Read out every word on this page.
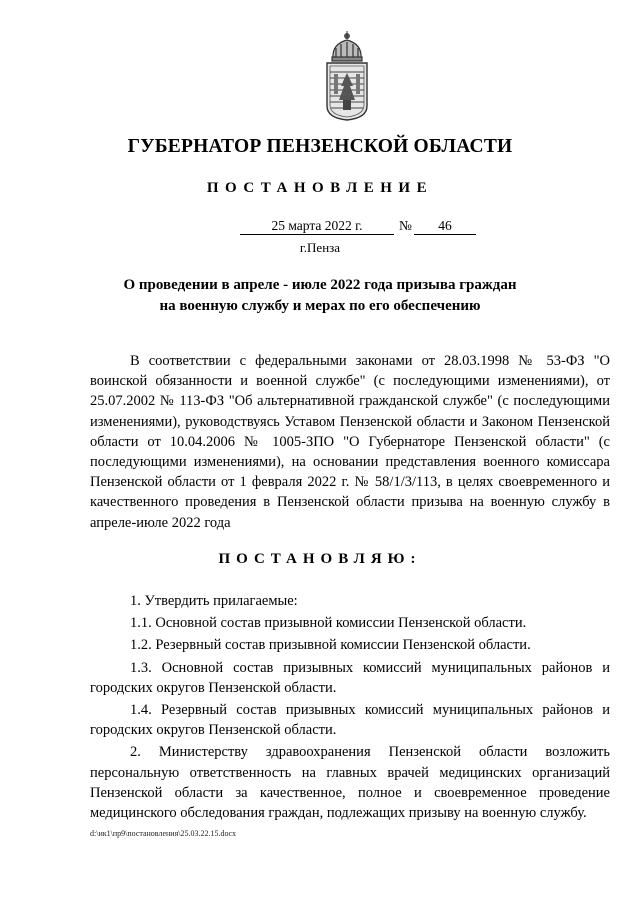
ГУБЕРНАТОР ПЕНЗЕНСКОЙ ОБЛАСТИ
ПОСТАНОВЛЕНИЕ
25 марта 2022 г.	№	46
г.Пенза
О проведении в апреле - июле 2022 года призыва граждан
на военную службу и мерах по его обеспечению

В соответствии с федеральными законами от 28.03.1998 № 53-ФЗ "О воинской обязанности и военной службе" (с последующими изменениями), от 25.07.2002 № 113-ФЗ "Об альтернативной гражданской службе" (с последующими изменениями), руководствуясь Уставом Пензенской области и Законом Пензенской области от 10.04.2006 № 1005-ЗПО "О Губернаторе Пензенской области" (с последующими изменениями), на основании представления военного комиссара Пензенской области от 1 февраля 2022 г. № 58/1/3/113, в целях своевременного и качественного проведения в Пензенской области призыва на военную службу в апреле-июле 2022 года

ПОСТАНОВЛЯЮ:

1. Утвердить прилагаемые:

1.1. Основной состав призывной комиссии Пензенской области.

1.2. Резервный состав призывной комиссии Пензенской области.

1.3. Основной состав призывных комиссий муниципальных районов и городских округов Пензенской области.

1.4. Резервный состав призывных комиссий муниципальных районов и городских округов Пензенской области.

2. Министерству здравоохранения Пензенской области возложить персональную ответственность на главных врачей медицинских организаций Пензенской области за качественное, полное и своевременное проведение медицинского обследования граждан, подлежащих призыву на военную службу.

d:\ик1\пр9\постановления\25.03.22.15.docx
